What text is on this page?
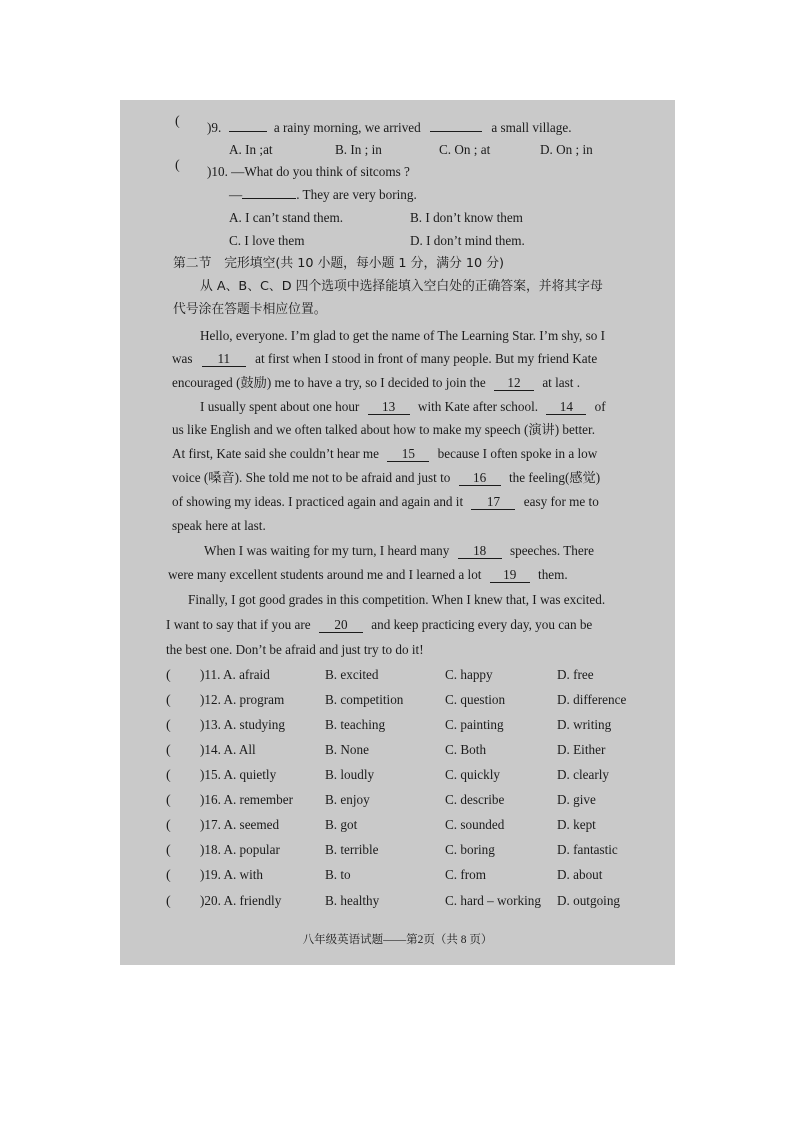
( )9.	a rainy morning, we arrived	a small village.
A. In ;at	B. In ; in	C. On ; at	D. On ; in
( )10. —What do you think of sitcoms ?
—	. They are very boring.
A. I can’t stand them.	B. I don’t know them
C. I love them	D. I don’t mind them.
第二节　完形填空(共 10 小题，每小题 1 分，满分 10 分)
从 A、B、C、D 四个选项中选择能填入空白处的正确答案，并将其字母
代号涂在答题卡相应位置。
Hello, everyone. I’m glad to get the name of The Learning Star. I’m shy, so I
was 11 at first when I stood in front of many people. But my friend Kate
encouraged (鼓励) me to have a try, so I decided to join the 12 at last .
I usually spent about one hour 13 with Kate after school. 14 of
us like English and we often talked about how to make my speech (演讲) better.
At first, Kate said she couldn’t hear me 15 because I often spoke in a low
voice (嗓音). She told me not to be afraid and just to 16 the feeling(感觉)
of showing my ideas. I practiced again and again and it 17 easy for me to
speak here at last.
When I was waiting for my turn, I heard many 18 speeches. There
were many excellent students around me and I learned a lot 19 them.
Finally, I got good grades in this competition. When I knew that, I was excited.
I want to say that if you are 20 and keep practicing every day, you can be
the best one. Don’t be afraid and just try to do it!
( )11. A. afraid	B. excited	C. happy	D. free
( )12. A. program	B. competition	C. question	D. difference
( )13. A. studying	B. teaching	C. painting	D. writing
( )14. A. All	B. None	C. Both	D. Either
( )15. A. quietly	B. loudly	C. quickly	D. clearly
( )16. A. remember B. enjoy	C. describe	D. give
( )17. A. seemed	B. got	C. sounded	D. kept
( )18. A. popular	B. terrible	C. boring	D. fantastic
( )19. A. with	B. to	C. from	D. about
( )20. A. friendly	B. healthy	C. hard – working D. outgoing
八年级英语试题——第2页（共 8 页）
